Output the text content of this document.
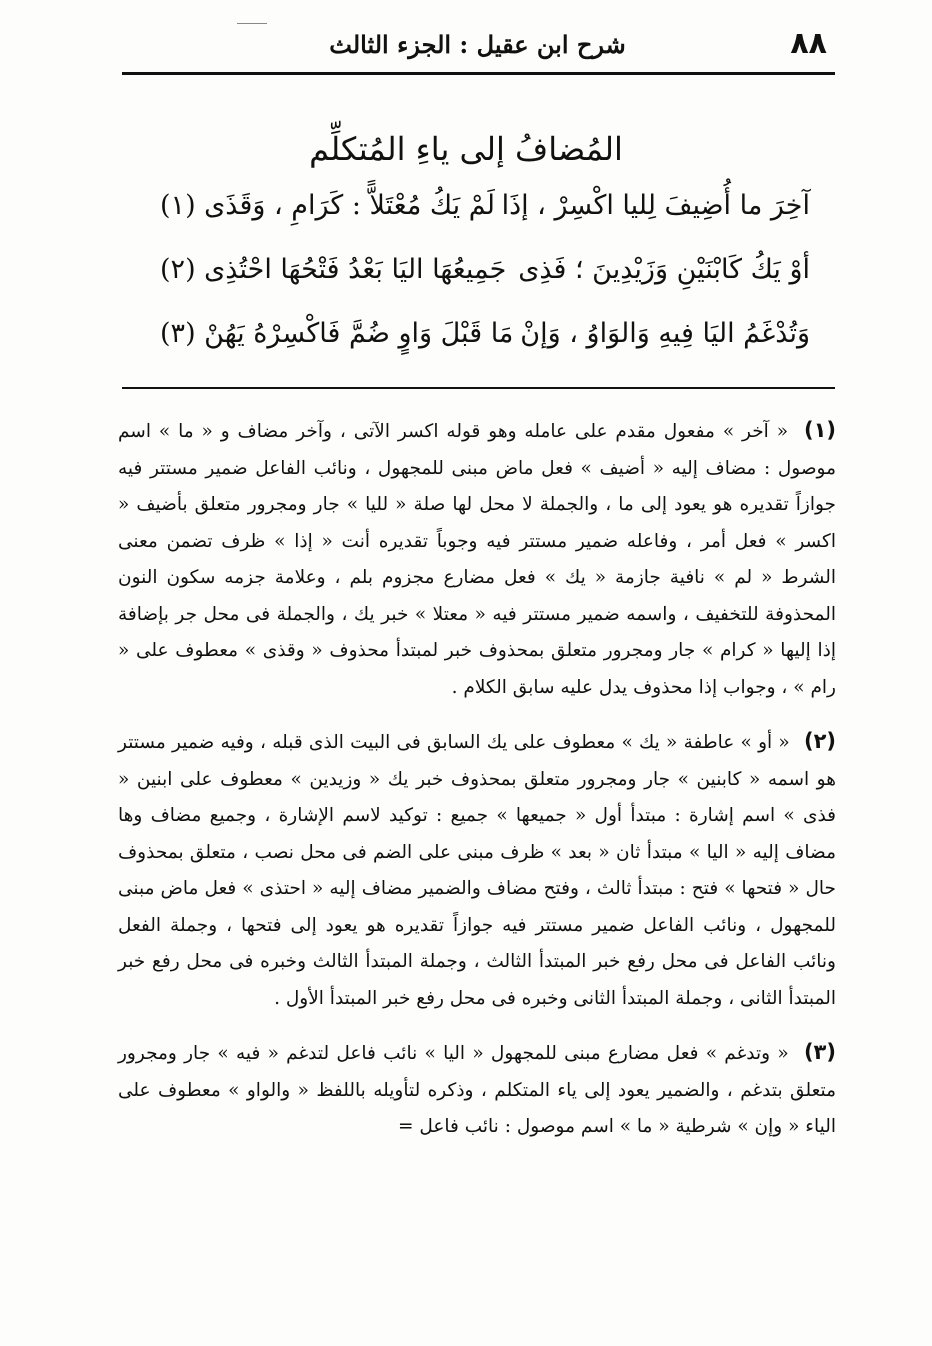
٨٨
شرح ابن عقيل : الجزء الثالث
المُضافُ إلى ياءِ المُتكلِّم
آخِرَ ما أُضِيفَ لِليا اكْسِرْ ، إذَا
لَمْ يَكُ مُعْتَلاًّ : كَرَامِ ، وَقَذَى (١)
أوْ يَكُ كَابْنَيْنِ وَزَيْدِينَ ؛ فَذِى
جَمِيعُهَا اليَا بَعْدُ فَتْحُهَا احْتُذِى (٢)
وَتُدْغَمُ اليَا فِيهِ وَالوَاوُ ، وَإنْ
مَا قَبْلَ وَاوٍ ضُمَّ فَاكْسِرْهُ يَهُنْ (٣)

(١) « آخر » مفعول مقدم على عامله وهو قوله اكسر الآتى ، وآخر مضاف و « ما » اسم موصول : مضاف إليه « أضيف » فعل ماض مبنى للمجهول ، ونائب الفاعل ضمير مستتر فيه جوازاً تقديره هو يعود إلى ما ، والجملة لا محل لها صلة « لليا » جار ومجرور متعلق بأضيف « اكسر » فعل أمر ، وفاعله ضمير مستتر فيه وجوباً تقديره أنت « إذا » ظرف تضمن معنى الشرط « لم » نافية جازمة « يك » فعل مضارع مجزوم بلم ، وعلامة جزمه سكون النون المحذوفة للتخفيف ، واسمه ضمير مستتر فيه « معتلا » خبر يك ، والجملة فى محل جر بإضافة إذا إليها « كرام » جار ومجرور متعلق بمحذوف خبر لمبتدأ محذوف « وقذى » معطوف على « رام » ، وجواب إذا محذوف يدل عليه سابق الكلام .

(٢) « أو » عاطفة « يك » معطوف على يك السابق فى البيت الذى قبله ، وفيه ضمير مستتر هو اسمه « كابنين » جار ومجرور متعلق بمحذوف خبر يك « وزيدين » معطوف على ابنين « فذى » اسم إشارة : مبتدأ أول « جميعها » جميع : توكيد لاسم الإشارة ، وجميع مضاف وها مضاف إليه « اليا » مبتدأ ثان « بعد » ظرف مبنى على الضم فى محل نصب ، متعلق بمحذوف حال « فتحها » فتح : مبتدأ ثالث ، وفتح مضاف والضمير مضاف إليه « احتذى » فعل ماض مبنى للمجهول ، ونائب الفاعل ضمير مستتر فيه جوازاً تقديره هو يعود إلى فتحها ، وجملة الفعل ونائب الفاعل فى محل رفع خبر المبتدأ الثالث ، وجملة المبتدأ الثالث وخبره فى محل رفع خبر المبتدأ الثانى ، وجملة المبتدأ الثانى وخبره فى محل رفع خبر المبتدأ الأول .

(٣) « وتدغم » فعل مضارع مبنى للمجهول « اليا » نائب فاعل لتدغم « فيه » جار ومجرور متعلق بتدغم ، والضمير يعود إلى ياء المتكلم ، وذكره لتأويله باللفظ « والواو » معطوف على الياء « وإن » شرطية « ما » اسم موصول : نائب فاعل =
